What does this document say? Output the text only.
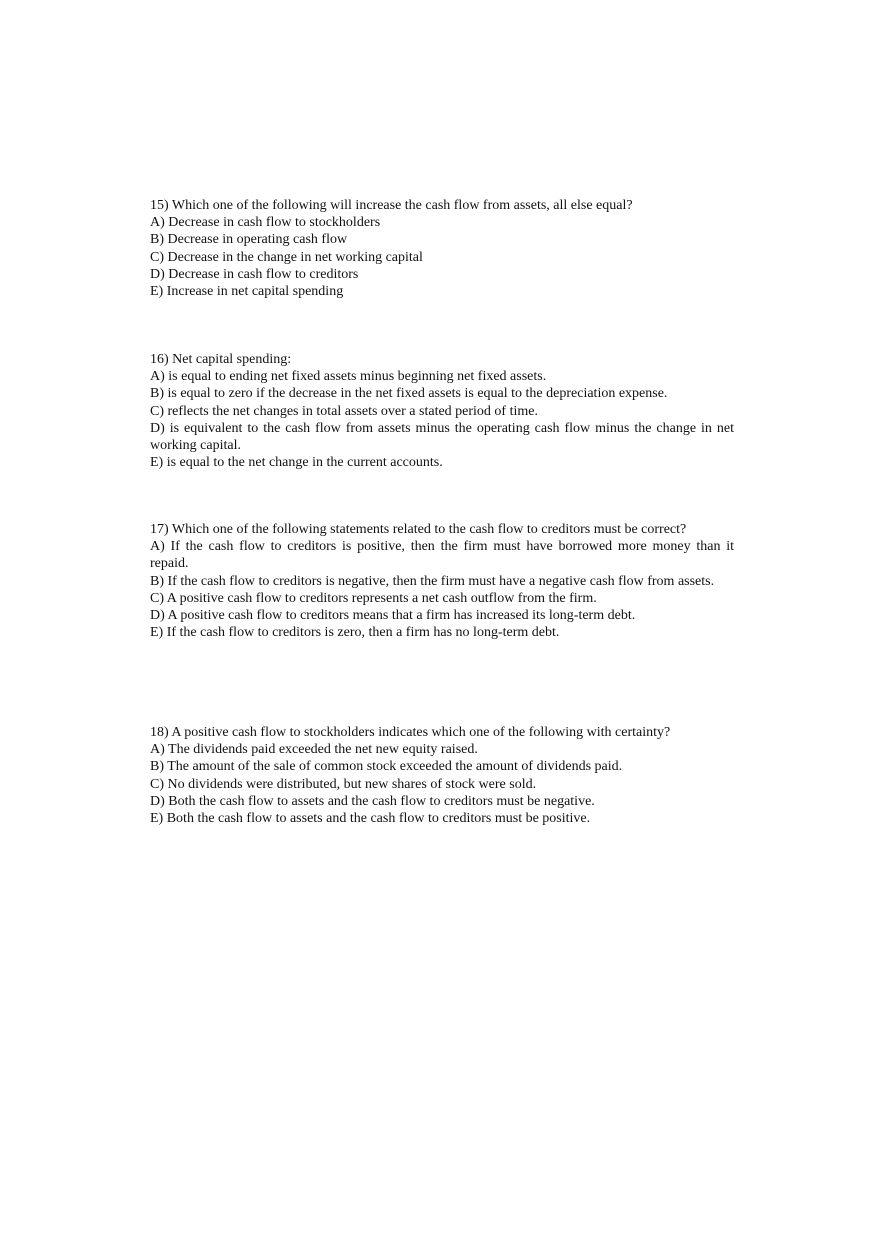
15) Which one of the following will increase the cash flow from assets, all else equal?

A) Decrease in cash flow to stockholders

B) Decrease in operating cash flow

C) Decrease in the change in net working capital

D) Decrease in cash flow to creditors

E) Increase in net capital spending

16) Net capital spending:

A) is equal to ending net fixed assets minus beginning net fixed assets.

B) is equal to zero if the decrease in the net fixed assets is equal to the depreciation expense.

C) reflects the net changes in total assets over a stated period of time.

D) is equivalent to the cash flow from assets minus the operating cash flow minus the change in net working capital.

E) is equal to the net change in the current accounts.

17) Which one of the following statements related to the cash flow to creditors must be correct?

A) If the cash flow to creditors is positive, then the firm must have borrowed more money than it repaid.

B) If the cash flow to creditors is negative, then the firm must have a negative cash flow from assets.

C) A positive cash flow to creditors represents a net cash outflow from the firm.

D) A positive cash flow to creditors means that a firm has increased its long-term debt.

E) If the cash flow to creditors is zero, then a firm has no long-term debt.

18) A positive cash flow to stockholders indicates which one of the following with certainty?

A) The dividends paid exceeded the net new equity raised.

B) The amount of the sale of common stock exceeded the amount of dividends paid.

C) No dividends were distributed, but new shares of stock were sold.

D) Both the cash flow to assets and the cash flow to creditors must be negative.

E) Both the cash flow to assets and the cash flow to creditors must be positive.
